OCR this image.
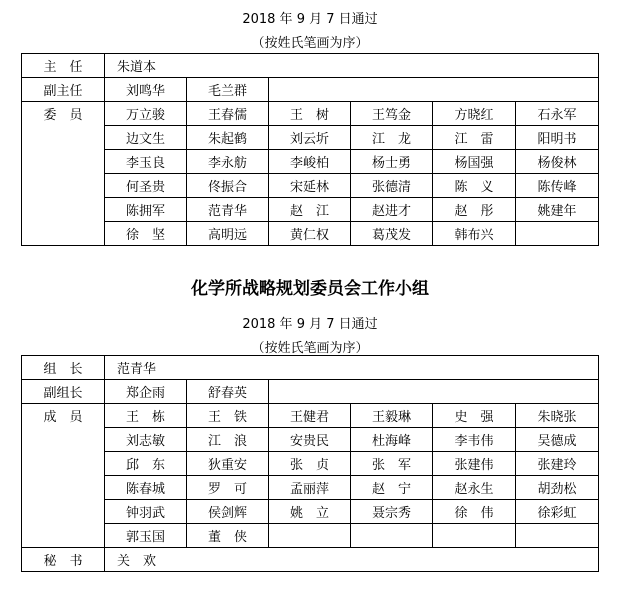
2018 年 9 月 7 日通过
（按姓氏笔画为序）
主　任	朱道本					
副主任	刘鸣华	毛兰群				
委　员	万立骏	王春儒	王　树	王笃金	方晓红	石永军
	边文生	朱起鹤	刘云圻	江　龙	江　雷	阳明书
	李玉良	李永舫	李峻柏	杨士勇	杨国强	杨俊林
	何圣贵	佟振合	宋延林	张德清	陈　义	陈传峰
	陈拥军	范青华	赵　江	赵进才	赵　彤	姚建年
	徐　坚	高明远	黄仁权	葛茂发	韩布兴	
化学所战略规划委员会工作小组
2018 年 9 月 7 日通过
（按姓氏笔画为序）
组　长	范青华					
副组长	郑企雨	舒春英				
成　员	王　栋	王　铁	王健君	王毅琳	史　强	朱晓张
	刘志敏	江　浪	安贵民	杜海峰	李韦伟	吴德成
	邱　东	狄重安	张　贞	张　军	张建伟	张建玲
	陈春城	罗　可	孟丽萍	赵　宁	赵永生	胡劲松
	钟羽武	侯剑辉	姚　立	聂宗秀	徐　伟	徐彩虹
	郭玉国	董　侠				
秘　书	关　欢					
